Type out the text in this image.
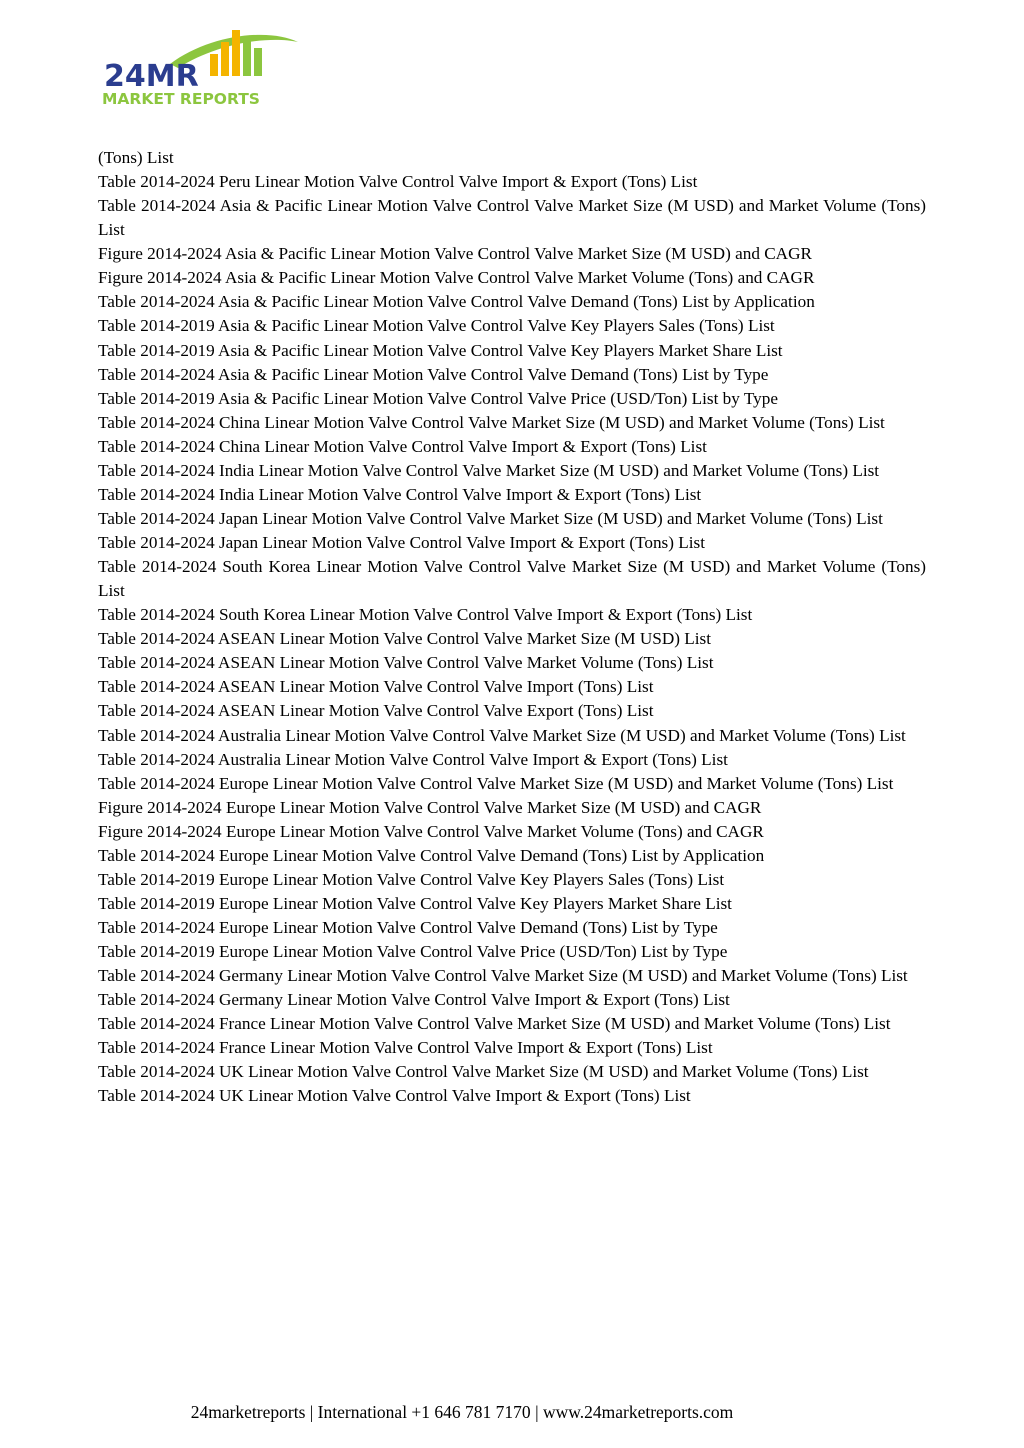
24MR
MARKET REPORTS

(Tons) List

Table 2014-2024 Peru Linear Motion Valve Control Valve Import & Export (Tons) List

Table 2014-2024 Asia & Pacific Linear Motion Valve Control Valve Market Size (M USD) and Market Volume (Tons) List

Figure 2014-2024 Asia & Pacific Linear Motion Valve Control Valve Market Size (M USD) and CAGR

Figure 2014-2024 Asia & Pacific Linear Motion Valve Control Valve Market Volume (Tons) and CAGR

Table 2014-2024 Asia & Pacific Linear Motion Valve Control Valve Demand (Tons) List by Application

Table 2014-2019 Asia & Pacific Linear Motion Valve Control Valve Key Players Sales (Tons) List

Table 2014-2019 Asia & Pacific Linear Motion Valve Control Valve Key Players Market Share List

Table 2014-2024 Asia & Pacific Linear Motion Valve Control Valve Demand (Tons) List by Type

Table 2014-2019 Asia & Pacific Linear Motion Valve Control Valve Price (USD/Ton) List by Type

Table 2014-2024 China Linear Motion Valve Control Valve Market Size (M USD) and Market Volume (Tons) List

Table 2014-2024 China Linear Motion Valve Control Valve Import & Export (Tons) List

Table 2014-2024 India Linear Motion Valve Control Valve Market Size (M USD) and Market Volume (Tons) List

Table 2014-2024 India Linear Motion Valve Control Valve Import & Export (Tons) List

Table 2014-2024 Japan Linear Motion Valve Control Valve Market Size (M USD) and Market Volume (Tons) List

Table 2014-2024 Japan Linear Motion Valve Control Valve Import & Export (Tons) List

Table 2014-2024 South Korea Linear Motion Valve Control Valve Market Size (M USD) and Market Volume (Tons) List

Table 2014-2024 South Korea Linear Motion Valve Control Valve Import & Export (Tons) List

Table 2014-2024 ASEAN Linear Motion Valve Control Valve Market Size (M USD) List

Table 2014-2024 ASEAN Linear Motion Valve Control Valve Market Volume (Tons) List

Table 2014-2024 ASEAN Linear Motion Valve Control Valve Import (Tons) List

Table 2014-2024 ASEAN Linear Motion Valve Control Valve Export (Tons) List

Table 2014-2024 Australia Linear Motion Valve Control Valve Market Size (M USD) and Market Volume (Tons) List

Table 2014-2024 Australia Linear Motion Valve Control Valve Import & Export (Tons) List

Table 2014-2024 Europe Linear Motion Valve Control Valve Market Size (M USD) and Market Volume (Tons) List

Figure 2014-2024 Europe Linear Motion Valve Control Valve Market Size (M USD) and CAGR

Figure 2014-2024 Europe Linear Motion Valve Control Valve Market Volume (Tons) and CAGR

Table 2014-2024 Europe Linear Motion Valve Control Valve Demand (Tons) List by Application

Table 2014-2019 Europe Linear Motion Valve Control Valve Key Players Sales (Tons) List

Table 2014-2019 Europe Linear Motion Valve Control Valve Key Players Market Share List

Table 2014-2024 Europe Linear Motion Valve Control Valve Demand (Tons) List by Type

Table 2014-2019 Europe Linear Motion Valve Control Valve Price (USD/Ton) List by Type

Table 2014-2024 Germany Linear Motion Valve Control Valve Market Size (M USD) and Market Volume (Tons) List

Table 2014-2024 Germany Linear Motion Valve Control Valve Import & Export (Tons) List

Table 2014-2024 France Linear Motion Valve Control Valve Market Size (M USD) and Market Volume (Tons) List

Table 2014-2024 France Linear Motion Valve Control Valve Import & Export (Tons) List

Table 2014-2024 UK Linear Motion Valve Control Valve Market Size (M USD) and Market Volume (Tons) List

Table 2014-2024 UK Linear Motion Valve Control Valve Import & Export (Tons) List

24marketreports | International +1 646 781 7170 | www.24marketreports.com
